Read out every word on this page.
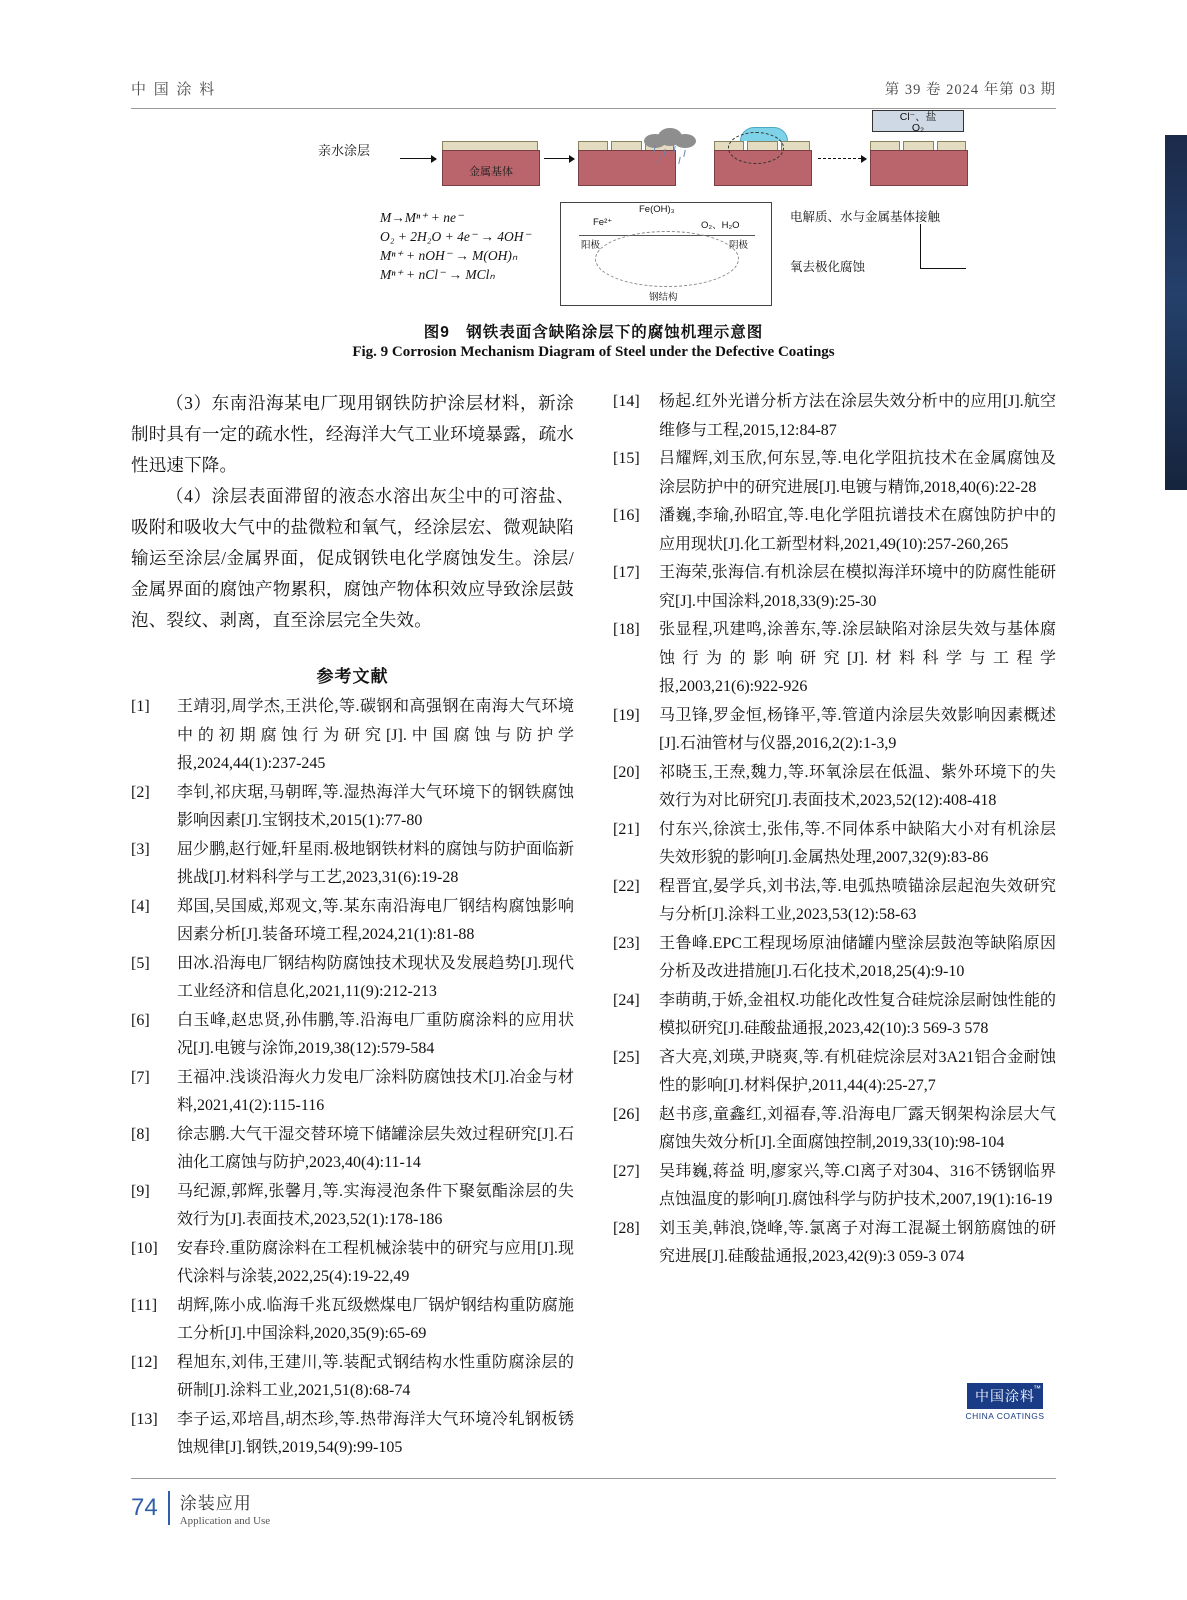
中 国 涂 料	第 39 卷 2024 年第 03 期
亲水涂层
金属基体
Cl⁻、盐
O₂
M→Mⁿ⁺ + ne⁻
O₂ + 2H₂O + 4e⁻ → 4OH⁻
Mⁿ⁺ + nOH⁻ → M(OH)ₙ
Mⁿ⁺ + nCl⁻ → MClₙ
阳极	阴极
Fe²⁺
Fe(OH)₃
O₂、H₂O
钢结构
电解质、水与金属基体接触
氧去极化腐蚀
图9　钢铁表面含缺陷涂层下的腐蚀机理示意图
Fig. 9 Corrosion Mechanism Diagram of Steel under the Defective Coatings

（3）东南沿海某电厂现用钢铁防护涂层材料，新涂制时具有一定的疏水性，经海洋大气工业环境暴露，疏水性迅速下降。

（4）涂层表面滞留的液态水溶出灰尘中的可溶盐、吸附和吸收大气中的盐微粒和氧气，经涂层宏、微观缺陷输运至涂层/金属界面，促成钢铁电化学腐蚀发生。涂层/金属界面的腐蚀产物累积，腐蚀产物体积效应导致涂层鼓泡、裂纹、剥离，直至涂层完全失效。

参考文献
[1]	王靖羽,周学杰,王洪伦,等.碳钢和高强钢在南海大气环境中的初期腐蚀行为研究[J].中国腐蚀与防护学报,2024,44(1):237-245
[2]	李钊,祁庆琚,马朝晖,等.湿热海洋大气环境下的钢铁腐蚀影响因素[J].宝钢技术,2015(1):77-80
[3]	屈少鹏,赵行娅,轩星雨.极地钢铁材料的腐蚀与防护面临新挑战[J].材料科学与工艺,2023,31(6):19-28
[4]	郑国,吴国威,郑观文,等.某东南沿海电厂钢结构腐蚀影响因素分析[J].装备环境工程,2024,21(1):81-88
[5]	田冰.沿海电厂钢结构防腐蚀技术现状及发展趋势[J].现代工业经济和信息化,2021,11(9):212-213
[6]	白玉峰,赵忠贤,孙伟鹏,等.沿海电厂重防腐涂料的应用状况[J].电镀与涂饰,2019,38(12):579-584
[7]	王福冲.浅谈沿海火力发电厂涂料防腐蚀技术[J].冶金与材料,2021,41(2):115-116
[8]	徐志鹏.大气干湿交替环境下储罐涂层失效过程研究[J].石油化工腐蚀与防护,2023,40(4):11-14
[9]	马纪源,郭辉,张馨月,等.实海浸泡条件下聚氨酯涂层的失效行为[J].表面技术,2023,52(1):178-186
[10]	安春玲.重防腐涂料在工程机械涂装中的研究与应用[J].现代涂料与涂装,2022,25(4):19-22,49
[11]	胡辉,陈小成.临海千兆瓦级燃煤电厂锅炉钢结构重防腐施工分析[J].中国涂料,2020,35(9):65-69
[12]	程旭东,刘伟,王建川,等.装配式钢结构水性重防腐涂层的研制[J].涂料工业,2021,51(8):68-74
[13]	李子运,邓培昌,胡杰珍,等.热带海洋大气环境冷轧钢板锈蚀规律[J].钢铁,2019,54(9):99-105
[14]	杨起.红外光谱分析方法在涂层失效分析中的应用[J].航空维修与工程,2015,12:84-87
[15]	吕耀辉,刘玉欣,何东昱,等.电化学阻抗技术在金属腐蚀及涂层防护中的研究进展[J].电镀与精饰,2018,40(6):22-28
[16]	潘巍,李瑜,孙昭宜,等.电化学阻抗谱技术在腐蚀防护中的应用现状[J].化工新型材料,2021,49(10):257-260,265
[17]	王海荣,张海信.有机涂层在模拟海洋环境中的防腐性能研究[J].中国涂料,2018,33(9):25-30
[18]	张显程,巩建鸣,涂善东,等.涂层缺陷对涂层失效与基体腐蚀行为的影响研究[J].材料科学与工程学报,2003,21(6):922-926
[19]	马卫锋,罗金恒,杨锋平,等.管道内涂层失效影响因素概述[J].石油管材与仪器,2016,2(2):1-3,9
[20]	祁晓玉,王焘,魏力,等.环氧涂层在低温、紫外环境下的失效行为对比研究[J].表面技术,2023,52(12):408-418
[21]	付东兴,徐滨士,张伟,等.不同体系中缺陷大小对有机涂层失效形貌的影响[J].金属热处理,2007,32(9):83-86
[22]	程晋宜,晏学兵,刘书法,等.电弧热喷锚涂层起泡失效研究与分析[J].涂料工业,2023,53(12):58-63
[23]	王鲁峰.EPC工程现场原油储罐内壁涂层鼓泡等缺陷原因分析及改进措施[J].石化技术,2018,25(4):9-10
[24]	李萌萌,于娇,金祖权.功能化改性复合硅烷涂层耐蚀性能的模拟研究[J].硅酸盐通报,2023,42(10):3 569-3 578
[25]	吝大亮,刘瑛,尹晓爽,等.有机硅烷涂层对3A21铝合金耐蚀性的影响[J].材料保护,2011,44(4):25-27,7
[26]	赵书彦,童鑫红,刘福春,等.沿海电厂露天钢架构涂层大气腐蚀失效分析[J].全面腐蚀控制,2019,33(10):98-104
[27]	吴玮巍,蒋益 明,廖家兴,等.Cl离子对304、316不锈钢临界点蚀温度的影响[J].腐蚀科学与防护技术,2007,19(1):16-19
[28]	刘玉美,韩浪,饶峰,等.氯离子对海工混凝土钢筋腐蚀的研究进展[J].硅酸盐通报,2023,42(9):3 059-3 074
中国涂料
™
CHINA COATINGS
74	涂装应用
Application and Use
